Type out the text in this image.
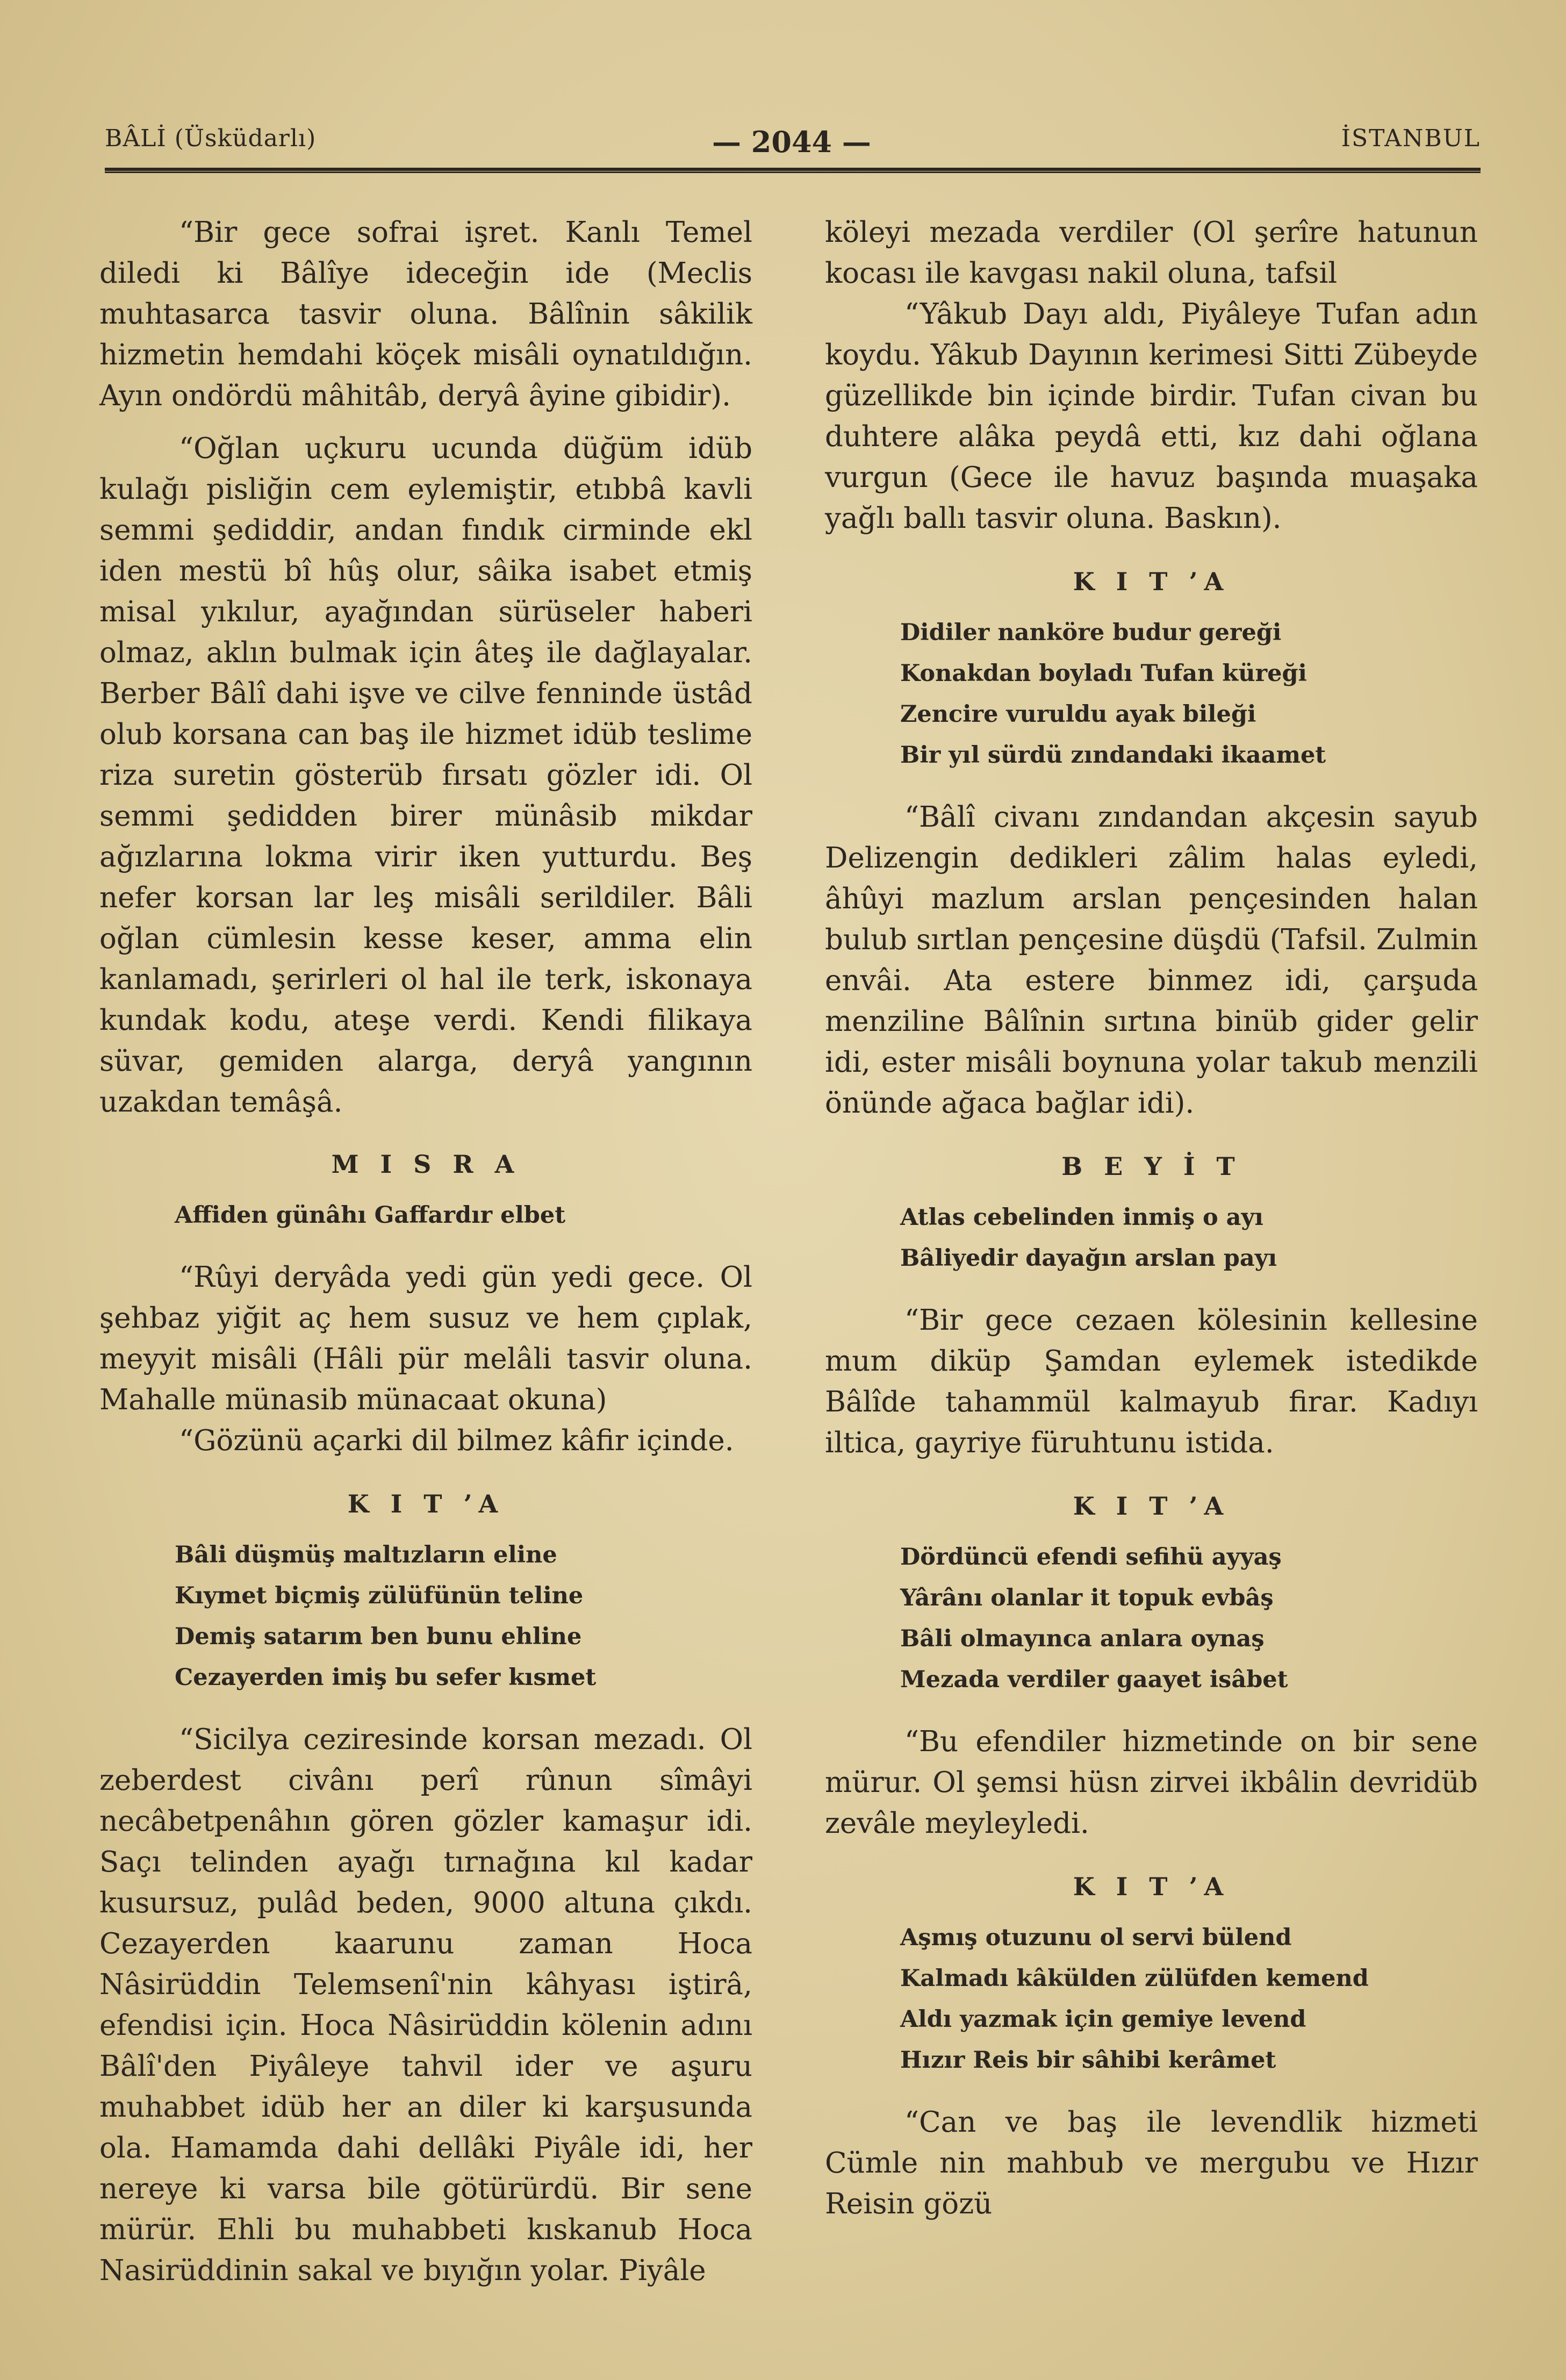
BÂLİ (Üsküdarlı)	— 2044 —	İSTANBUL

“Bir gece sofrai işret. Kanlı Temel diledi ki Bâlîye ideceğin ide (Meclis muhtasarca tasvir oluna. Bâlînin sâkilik hizmetin hemdahi köçek misâli oynatıldığın. Ayın ondördü mâhitâb, deryâ âyine gibidir).

“Oğlan uçkuru ucunda düğüm idüb kulağı pisliğin cem eylemiştir, etıbbâ kavli semmi şediddir, andan fındık cirminde ekl iden mestü bî hûş olur, sâika isabet etmiş misal yıkılur, ayağından sürüseler haberi olmaz, aklın bulmak için âteş ile dağlayalar. Berber Bâlî dahi işve ve cilve fenninde üstâd olub korsana can baş ile hizmet idüb teslime riza suretin gösterüb fırsatı gözler idi. Ol semmi şedidden birer münâsib mikdar ağızlarına lokma virir iken yutturdu. Beş nefer korsan lar leş misâli serildiler. Bâli oğlan cümlesin kesse keser, amma elin kanlamadı, şerirleri ol hal ile terk, iskonaya kundak kodu, ateşe verdi. Kendi filikaya süvar, gemiden alarga, deryâ yangının uzakdan temâşâ.

M I S R A
Affiden günâhı Gaffardır elbet

“Rûyi deryâda yedi gün yedi gece. Ol şehbaz yiğit aç hem susuz ve hem çıplak, meyyit misâli (Hâli pür melâli tasvir oluna. Mahalle münasib münacaat okuna)

“Gözünü açarki dil bilmez kâfir içinde.

K I T ’A
Bâli düşmüş maltızların eline
Kıymet biçmiş zülüfünün teline
Demiş satarım ben bunu ehline
Cezayerden imiş bu sefer kısmet

“Sicilya ceziresinde korsan mezadı. Ol zeberdest civânı perî rûnun sîmâyi necâbetpenâhın gören gözler kamaşur idi. Saçı telinden ayağı tırnağına kıl kadar kusursuz, pulâd beden, 9000 altuna çıkdı. Cezayerden kaarunu zaman Hoca Nâsirüddin Telemsenî'nin kâhyası iştirâ, efendisi için. Hoca Nâsirüddin kölenin adını Bâlî'den Piyâleye tahvil ider ve aşuru muhabbet idüb her an diler ki karşusunda ola. Hamamda dahi dellâki Piyâle idi, her nereye ki varsa bile götürürdü. Bir sene mürür. Ehli bu muhabbeti kıskanub Hoca Nasirüddinin sakal ve bıyığın yolar. Piyâle

köleyi mezada verdiler (Ol şerîre hatunun kocası ile kavgası nakil oluna, tafsil

“Yâkub Dayı aldı, Piyâleye Tufan adın koydu. Yâkub Dayının kerimesi Sitti Zübeyde güzellikde bin içinde birdir. Tufan civan bu duhtere alâka peydâ etti, kız dahi oğlana vurgun (Gece ile havuz başında muaşaka yağlı ballı tasvir oluna. Baskın).

K I T ’A
Didiler nanköre budur gereği
Konakdan boyladı Tufan küreği
Zencire vuruldu ayak bileği
Bir yıl sürdü zındandaki ikaamet

“Bâlî civanı zındandan akçesin sayub Delizengin dedikleri zâlim halas eyledi, âhûyi mazlum arslan pençesinden halan bulub sırtlan pençesine düşdü (Tafsil. Zulmin envâi. Ata estere binmez idi, çarşuda menziline Bâlînin sırtına binüb gider gelir idi, ester misâli boynuna yolar takub menzili önünde ağaca bağlar idi).

B E Y İ T
Atlas cebelinden inmiş o ayı
Bâliyedir dayağın arslan payı

“Bir gece cezaen kölesinin kellesine mum diküp Şamdan eylemek istedikde Bâlîde tahammül kalmayub firar. Kadıyı iltica, gayriye füruhtunu istida.

K I T ’A
Dördüncü efendi sefihü ayyaş
Yârânı olanlar it topuk evbâş
Bâli olmayınca anlara oynaş
Mezada verdiler gaayet isâbet

“Bu efendiler hizmetinde on bir sene mürur. Ol şemsi hüsn zirvei ikbâlin devridüb zevâle meyleyledi.

K I T ’A
Aşmış otuzunu ol servi bülend
Kalmadı kâkülden zülüfden kemend
Aldı yazmak için gemiye levend
Hızır Reis bir sâhibi kerâmet

“Can ve baş ile levendlik hizmeti Cümle nin mahbub ve mergubu ve Hızır Reisin gözü
